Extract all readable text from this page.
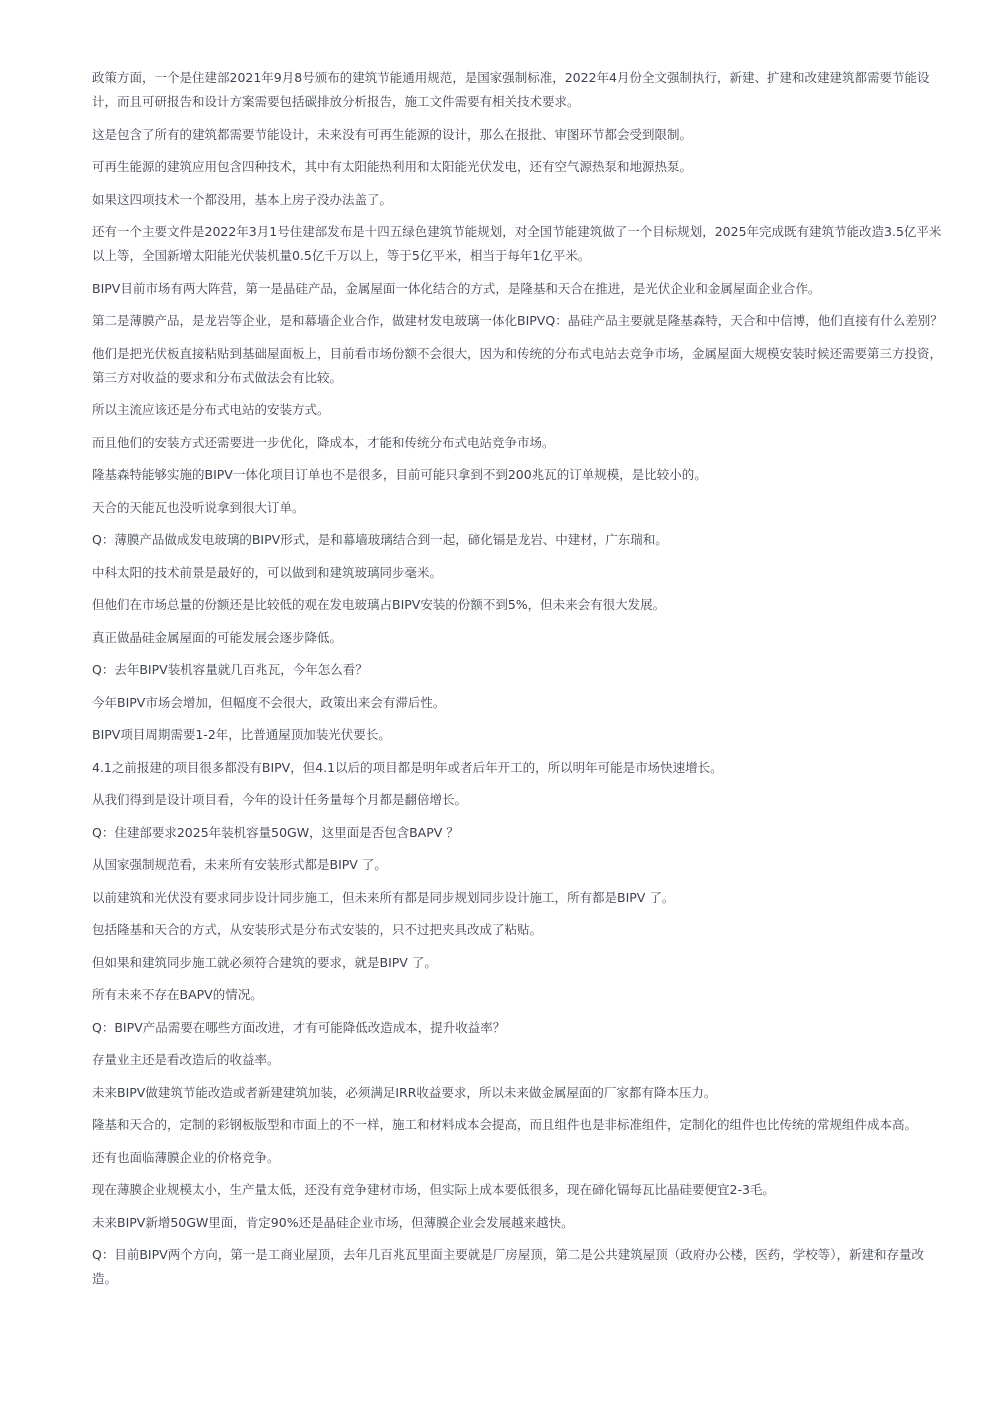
政策方面，一个是住建部2021年9月8号颁布的建筑节能通用规范，是国家强制标准，2022年4月份全文强制执行，新建、扩建和改建建筑都需要节能设计，而且可研报告和设计方案需要包括碳排放分析报告，施工文件需要有相关技术要求。

这是包含了所有的建筑都需要节能设计，未来没有可再生能源的设计，那么在报批、审图环节都会受到限制。

可再生能源的建筑应用包含四种技术，其中有太阳能热利用和太阳能光伏发电，还有空气源热泵和地源热泵。

如果这四项技术一个都没用，基本上房子没办法盖了。

还有一个主要文件是2022年3月1号住建部发布是十四五绿色建筑节能规划，对全国节能建筑做了一个目标规划，2025年完成既有建筑节能改造3.5亿平米以上等，全国新增太阳能光伏装机量0.5亿千万以上，等于5亿平米，相当于每年1亿平米。

BIPV目前市场有两大阵营，第一是晶硅产品，金属屋面一体化结合的方式，是隆基和天合在推进，是光伏企业和金属屋面企业合作。

第二是薄膜产品，是龙岩等企业，是和幕墙企业合作，做建材发电玻璃一体化BIPVQ：晶硅产品主要就是隆基森特，天合和中信博，他们直接有什么差别？

他们是把光伏板直接粘贴到基础屋面板上，目前看市场份额不会很大，因为和传统的分布式电站去竞争市场，金属屋面大规模安装时候还需要第三方投资，第三方对收益的要求和分布式做法会有比较。

所以主流应该还是分布式电站的安装方式。

而且他们的安装方式还需要进一步优化，降成本，才能和传统分布式电站竞争市场。

隆基森特能够实施的BIPV一体化项目订单也不是很多，目前可能只拿到不到200兆瓦的订单规模，是比较小的。

天合的天能瓦也没听说拿到很大订单。

Q：薄膜产品做成发电玻璃的BIPV形式，是和幕墙玻璃结合到一起，碲化镉是龙岩、中建材，广东瑞和。

中科太阳的技术前景是最好的，可以做到和建筑玻璃同步毫米。

但他们在市场总量的份额还是比较低的观在发电玻璃占BIPV安装的份额不到5%，但未来会有很大发展。

真正做晶硅金属屋面的可能发展会逐步降低。

Q：去年BIPV装机容量就几百兆瓦，今年怎么看？

今年BIPV市场会增加，但幅度不会很大，政策出来会有滞后性。

BIPV项目周期需要1-2年，比普通屋顶加装光伏要长。

4.1之前报建的项目很多都没有BIPV，但4.1以后的项目都是明年或者后年开工的，所以明年可能是市场快速增长。

从我们得到是设计项目看，今年的设计任务量每个月都是翻倍增长。

Q：住建部要求2025年装机容量50GW，这里面是否包含BAPV ？

从国家强制规范看，未来所有安装形式都是BIPV 了。

以前建筑和光伏没有要求同步设计同步施工，但未来所有都是同步规划同步设计施工，所有都是BIPV 了。

包括隆基和天合的方式，从安装形式是分布式安装的，只不过把夹具改成了粘贴。

但如果和建筑同步施工就必须符合建筑的要求，就是BIPV 了。

所有未来不存在BAPV的情况。

Q：BIPV产品需要在哪些方面改进，才有可能降低改造成本，提升收益率？

存量业主还是看改造后的收益率。

未来BIPV做建筑节能改造或者新建建筑加装，必须满足IRR收益要求，所以未来做金属屋面的厂家都有降本压力。

隆基和天合的，定制的彩钢板版型和市面上的不一样，施工和材料成本会提高，而且组件也是非标准组件，定制化的组件也比传统的常规组件成本高。

还有也面临薄膜企业的价格竞争。

现在薄膜企业规模太小，生产量太低，还没有竞争建材市场，但实际上成本要低很多，现在碲化镉每瓦比晶硅要便宜2-3毛。

未来BIPV新增50GW里面，肯定90%还是晶硅企业市场，但薄膜企业会发展越来越快。

Q：目前BIPV两个方向，第一是工商业屋顶，去年几百兆瓦里面主要就是厂房屋顶，第二是公共建筑屋顶（政府办公楼，医药，学校等），新建和存量改造。
